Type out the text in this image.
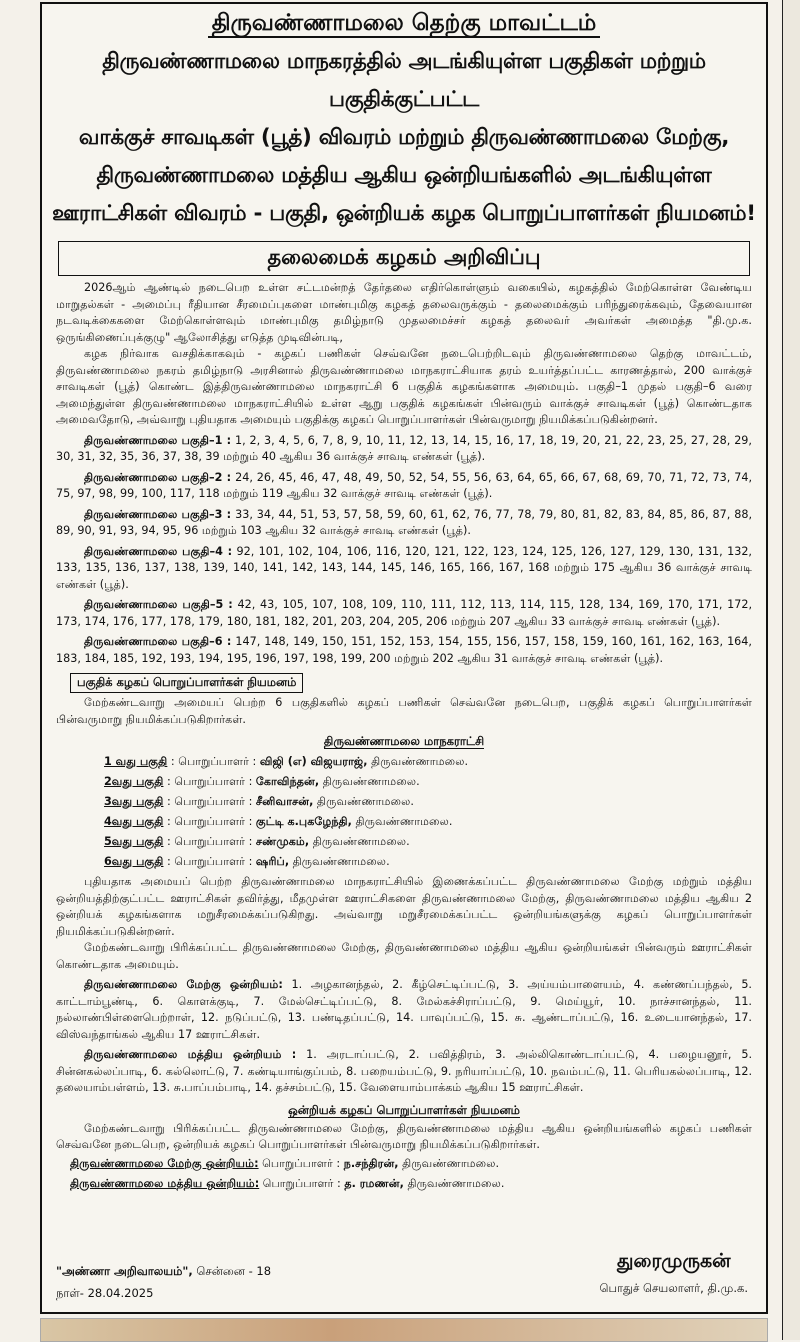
திருவண்ணாமலை தெற்கு மாவட்டம்
திருவண்ணாமலை மாநகரத்தில் அடங்கியுள்ள பகுதிகள் மற்றும் பகுதிக்குட்பட்ட
வாக்குச் சாவடிகள் (பூத்) விவரம் மற்றும் திருவண்ணாமலை மேற்கு,
திருவண்ணாமலை மத்திய ஆகிய ஒன்றியங்களில் அடங்கியுள்ள
ஊராட்சிகள் விவரம் - பகுதி, ஒன்றியக் கழக பொறுப்பாளர்கள் நியமனம்!
தலைமைக் கழகம் அறிவிப்பு
2026ஆம் ஆண்டில் நடைபெற உள்ள சட்டமன்றத் தேர்தலை எதிர்கொள்ளும் வகையில், கழகத்தில் மேற்கொள்ள வேண்டிய மாறுதல்கள் - அமைப்பு ரீதியான சீரமைப்புகளை மாண்புமிகு கழகத் தலைவருக்கும் - தலைமைக்கும் பரிந்துரைக்கவும், தேவையான நடவடிக்கைகளை மேற்கொள்ளவும் மாண்புமிகு தமிழ்நாடு முதலமைச்சர் கழகத் தலைவர் அவர்கள் அமைத்த "தி.மு.க. ஒருங்கிணைப்புக்குழு" ஆலோசித்து எடுத்த முடிவின்படி,
கழக நிர்வாக வசதிக்காகவும் - கழகப் பணிகள் செவ்வனே நடைபெற்றிடவும் திருவண்ணாமலை தெற்கு மாவட்டம், திருவண்ணாமலை நகரம் தமிழ்நாடு அரசினால் திருவண்ணாமலை மாநகராட்சியாக தரம் உயர்த்தப்பட்ட காரணத்தால், 200 வாக்குச் சாவடிகள் (பூத்) கொண்ட இத்திருவண்ணாமலை மாநகராட்சி 6 பகுதிக் கழகங்களாக அமையும். பகுதி–1 முதல் பகுதி–6 வரை அமைந்துள்ள திருவண்ணாமலை மாநகராட்சியில் உள்ள ஆறு பகுதிக் கழகங்கள் பின்வரும் வாக்குச் சாவடிகள் (பூத்) கொண்டதாக அமைவதோடு, அவ்வாறு புதியதாக அமையும் பகுதிக்கு கழகப் பொறுப்பாளர்கள் பின்வருமாறு நியமிக்கப்படுகின்றனர்.
திருவண்ணாமலை பகுதி–1 : 1, 2, 3, 4, 5, 6, 7, 8, 9, 10, 11, 12, 13, 14, 15, 16, 17, 18, 19, 20, 21, 22, 23, 25, 27, 28, 29, 30, 31, 32, 35, 36, 37, 38, 39 மற்றும் 40 ஆகிய 36 வாக்குச் சாவடி எண்கள் (பூத்).
திருவண்ணாமலை பகுதி–2 : 24, 26, 45, 46, 47, 48, 49, 50, 52, 54, 55, 56, 63, 64, 65, 66, 67, 68, 69, 70, 71, 72, 73, 74, 75, 97, 98, 99, 100, 117, 118 மற்றும் 119 ஆகிய 32 வாக்குச் சாவடி எண்கள் (பூத்).
திருவண்ணாமலை பகுதி–3 : 33, 34, 44, 51, 53, 57, 58, 59, 60, 61, 62, 76, 77, 78, 79, 80, 81, 82, 83, 84, 85, 86, 87, 88, 89, 90, 91, 93, 94, 95, 96 மற்றும் 103 ஆகிய 32 வாக்குச் சாவடி எண்கள் (பூத்).
திருவண்ணாமலை பகுதி–4 : 92, 101, 102, 104, 106, 116, 120, 121, 122, 123, 124, 125, 126, 127, 129, 130, 131, 132, 133, 135, 136, 137, 138, 139, 140, 141, 142, 143, 144, 145, 146, 165, 166, 167, 168 மற்றும் 175 ஆகிய 36 வாக்குச் சாவடி எண்கள் (பூத்).
திருவண்ணாமலை பகுதி–5 : 42, 43, 105, 107, 108, 109, 110, 111, 112, 113, 114, 115, 128, 134, 169, 170, 171, 172, 173, 174, 176, 177, 178, 179, 180, 181, 182, 201, 203, 204, 205, 206 மற்றும் 207 ஆகிய 33 வாக்குச் சாவடி எண்கள் (பூத்).
திருவண்ணாமலை பகுதி–6 : 147, 148, 149, 150, 151, 152, 153, 154, 155, 156, 157, 158, 159, 160, 161, 162, 163, 164, 183, 184, 185, 192, 193, 194, 195, 196, 197, 198, 199, 200 மற்றும் 202 ஆகிய 31 வாக்குச் சாவடி எண்கள் (பூத்).
பகுதிக் கழகப் பொறுப்பாளர்கள் நியமனம்
மேற்கண்டவாறு அமையப் பெற்ற 6 பகுதிகளில் கழகப் பணிகள் செவ்வனே நடைபெற, பகுதிக் கழகப் பொறுப்பாளர்கள் பின்வருமாறு நியமிக்கப்படுகிறார்கள்.
திருவண்ணாமலை மாநகராட்சி
1 வது பகுதி : பொறுப்பாளர் : விஜி (எ) விஜயராஜ், திருவண்ணாமலை.
2வது பகுதி : பொறுப்பாளர் : கோவிந்தன், திருவண்ணாமலை.
3வது பகுதி : பொறுப்பாளர் : சீனிவாசன், திருவண்ணாமலை.
4வது பகுதி : பொறுப்பாளர் : குட்டி க.புகழேந்தி, திருவண்ணாமலை.
5வது பகுதி : பொறுப்பாளர் : சண்முகம், திருவண்ணாமலை.
6வது பகுதி : பொறுப்பாளர் : ஷரிப், திருவண்ணாமலை.
புதியதாக அமையப் பெற்ற திருவண்ணாமலை மாநகராட்சியில் இணைக்கப்பட்ட திருவண்ணாமலை மேற்கு மற்றும் மத்திய ஒன்றியத்திற்குட்பட்ட ஊராட்சிகள் தவிர்த்து, மீதமுள்ள ஊராட்சிகளை திருவண்ணாமலை மேற்கு, திருவண்ணாமலை மத்திய ஆகிய 2 ஒன்றியக் கழகங்களாக மறுசீரமைக்கப்படுகிறது. அவ்வாறு மறுசீரமைக்கப்பட்ட ஒன்றியங்களுக்கு கழகப் பொறுப்பாளர்கள் நியமிக்கப்படுகின்றனர்.
மேற்கண்டவாறு பிரிக்கப்பட்ட திருவண்ணாமலை மேற்கு, திருவண்ணாமலை மத்திய ஆகிய ஒன்றியங்கள் பின்வரும் ஊராட்சிகள் கொண்டதாக அமையும்.
திருவண்ணாமலை மேற்கு ஒன்றியம்: 1. அழகானந்தல், 2. கீழ்செட்டிப்பட்டு, 3. அய்யம்பாளையம், 4. கண்ணப்பந்தல், 5. காட்டாம்பூண்டி, 6. கொளக்குடி, 7. மேல்செட்டிப்பட்டு, 8. மேல்கச்சிராப்பட்டு, 9. மெய்யூர், 10. நாச்சானந்தல், 11. நல்லாண்பிள்ளைபெற்றாள், 12. நடுப்பட்டு, 13. பண்டிதப்பட்டு, 14. பாவுப்பட்டு, 15. சு. ஆண்டாப்பட்டு, 16. உடையானந்தல், 17. விஸ்வந்தாங்கல் ஆகிய 17 ஊராட்சிகள்.
திருவண்ணாமலை மத்திய ஒன்றியம் : 1. அரடாப்பட்டு, 2. பவித்திரம், 3. அல்லிகொண்டாப்பட்டு, 4. பழையனூர், 5. சின்னகல்லப்பாடி, 6. கல்லொட்டு, 7. கண்டியாங்குப்பம், 8. பறையம்பட்டு, 9. நரியாப்பட்டு, 10. நவம்பட்டு, 11. பெரியகல்லப்பாடி, 12. தலையாம்பள்ளம், 13. சு.பாப்பம்பாடி, 14. தச்சம்பட்டு, 15. வேளையாம்பாக்கம் ஆகிய 15 ஊராட்சிகள்.
ஒன்றியக் கழகப் பொறுப்பாளர்கள் நியமனம்
மேற்கண்டவாறு பிரிக்கப்பட்ட திருவண்ணாமலை மேற்கு, திருவண்ணாமலை மத்திய ஆகிய ஒன்றியங்களில் கழகப் பணிகள் செவ்வனே நடைபெற, ஒன்றியக் கழகப் பொறுப்பாளர்கள் பின்வருமாறு நியமிக்கப்படுகிறார்கள்.
திருவண்ணாமலை மேற்கு ஒன்றியம்: பொறுப்பாளர் : ந.சந்திரன், திருவண்ணாமலை.
திருவண்ணாமலை மத்திய ஒன்றியம்: பொறுப்பாளர் : த. ரமணன், திருவண்ணாமலை.
"அண்ணா அறிவாலயம்", சென்னை - 18
நாள்- 28.04.2025
துரைமுருகன்
பொதுச் செயலாளர், தி.மு.க.
